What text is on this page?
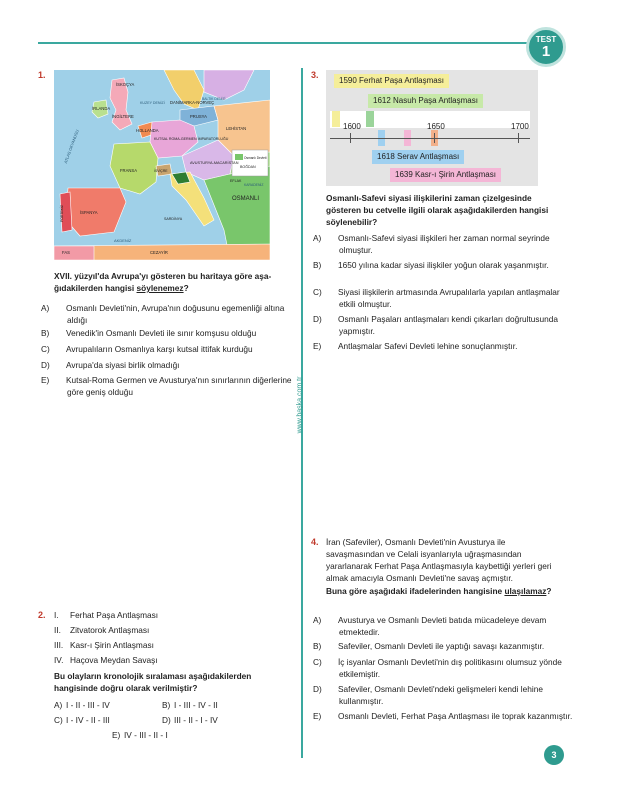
TEST
1
www.başka.com.tr
1.
İSKOÇYA
İRLANDA
İNGİLTERE
HOLLANDA
DANİMARKA-NORVEÇ
PRUSYA
LEHİSTAN
KUTSAL ROMA-GERMEN İMPARATORLUĞU
AVUSTURYA-MACARİSTAN
FRANSA	İSVİÇRE
İSPANYA
PORTEKİZ	SARDİNYA
OSMANLI
BOĞDAN
EFLAK
FAS	CEZAYİR
ATLAS OKYANUSU
KUZEY DENİZİ
AKDENİZ
BALTIK DENİZİ
KARADENİZ
Osmanlı Devleti
XVII. yüzyıl'da Avrupa'yı gösteren bu haritaya göre aşa-
ğıdakilerden hangisi söylenemez?
A) Osmanlı Devleti'nin, Avrupa'nın doğusunu egemenliği altına aldığı
B) Venedik'in Osmanlı Devleti ile sınır komşusu olduğu
C) Avrupalıların Osmanlıya karşı kutsal ittifak kurduğu
D) Avrupa'da siyasi birlik olmadığı
E) Kutsal-Roma Germen ve Avusturya'nın sınırlarının diğerlerine göre geniş olduğu
2. I. Ferhat Paşa Antlaşması
II. Zitvatorok Antlaşması
III. Kasr-ı Şirin Antlaşması
IV. Haçova Meydan Savaşı
Bu olayların kronolojik sıralaması aşağıdakilerden hangisinde doğru olarak verilmiştir?
A) I - II - III - IV	B) I - III - IV - II
C) I - IV - II - III	D) III - II - I - IV
E) IV - III - II - I
3.
1590 Ferhat Paşa Antlaşması
1612 Nasuh Paşa Antlaşması
1600	1650	1700
1618 Serav Antlaşması
1639 Kasr-ı Şirin Antlaşması
Osmanlı-Safevi siyasi ilişkilerini zaman çizelgesinde gösteren bu cetvelle ilgili olarak aşağıdakilerden hangisi söylenebilir?
A) Osmanlı-Safevi siyasi ilişkileri her zaman normal seyrinde olmuştur.
B) 1650 yılına kadar siyasi ilişkiler yoğun olarak yaşanmıştır.
C) Siyasi ilişkilerin artmasında Avrupalılarla yapılan antlaşmalar etkili olmuştur.
D) Osmanlı Paşaları antlaşmaları kendi çıkarları doğrultusunda yapmıştır.
E) Antlaşmalar Safevi Devleti lehine sonuçlanmıştır.
4. İran (Safeviler), Osmanlı Devleti'nin Avusturya ile savaşmasından ve Celali isyanlarıyla uğraşmasından yararlanarak Ferhat Paşa Antlaşmasıyla kaybettiği yerleri geri almak amacıyla Osmanlı Devleti'ne savaş açmıştır.
Buna göre aşağıdaki ifadelerinden hangisine ulaşılamaz?
A) Avusturya ve Osmanlı Devleti batıda mücadeleye devam etmektedir.
B) Safeviler, Osmanlı Devleti ile yaptığı savaşı kazanmıştır.
C) İç isyanlar Osmanlı Devleti'nin dış politikasını olumsuz yönde etkilemiştir.
D) Safeviler, Osmanlı Devleti'ndeki gelişmeleri kendi lehine kullanmıştır.
E) Osmanlı Devleti, Ferhat Paşa Antlaşması ile toprak kazanmıştır.
3
